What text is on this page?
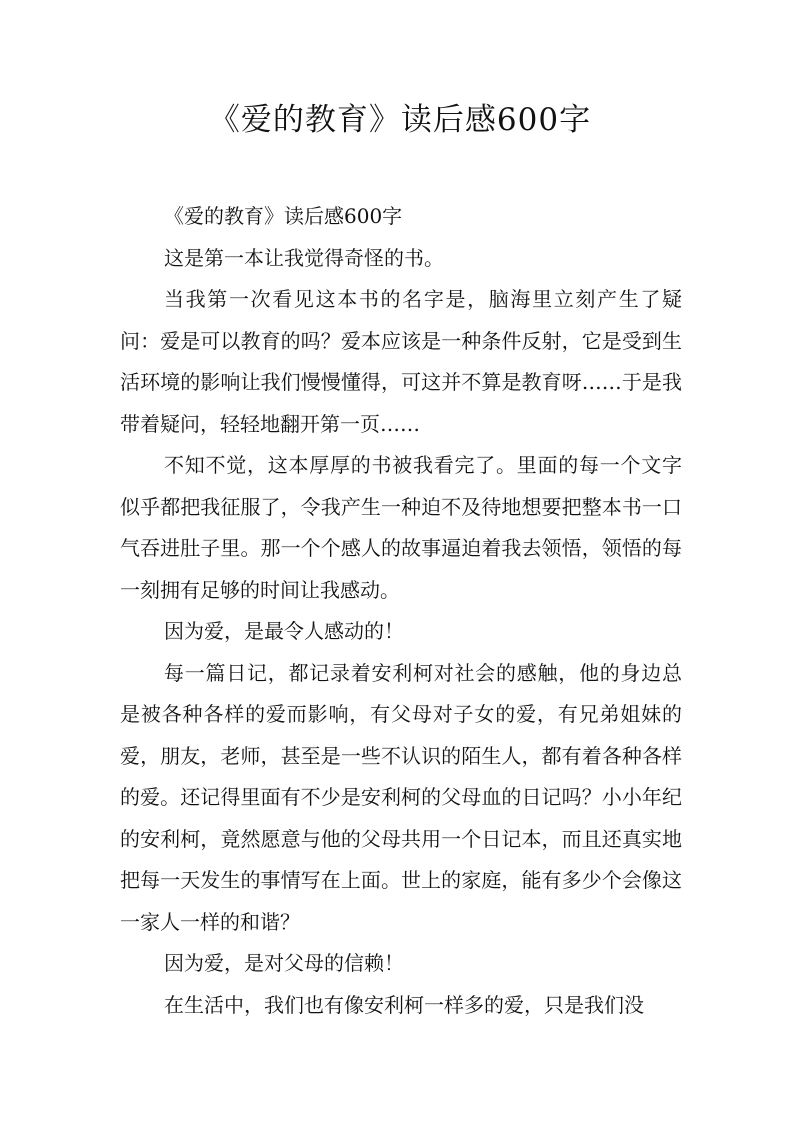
《爱的教育》读后感600字

《爱的教育》读后感600字

这是第一本让我觉得奇怪的书。

当我第一次看见这本书的名字是，脑海里立刻产生了疑问：爱是可以教育的吗？爱本应该是一种条件反射，它是受到生活环境的影响让我们慢慢懂得，可这并不算是教育呀……于是我带着疑问，轻轻地翻开第一页……

不知不觉，这本厚厚的书被我看完了。里面的每一个文字似乎都把我征服了，令我产生一种迫不及待地想要把整本书一口气吞进肚子里。那一个个感人的故事逼迫着我去领悟，领悟的每一刻拥有足够的时间让我感动。

因为爱，是最令人感动的！

每一篇日记，都记录着安利柯对社会的感触，他的身边总是被各种各样的爱而影响，有父母对子女的爱，有兄弟姐妹的爱，朋友，老师，甚至是一些不认识的陌生人，都有着各种各样的爱。还记得里面有不少是安利柯的父母血的日记吗？小小年纪的安利柯，竟然愿意与他的父母共用一个日记本，而且还真实地把每一天发生的事情写在上面。世上的家庭，能有多少个会像这一家人一样的和谐？

因为爱，是对父母的信赖！

在生活中，我们也有像安利柯一样多的爱，只是我们没
